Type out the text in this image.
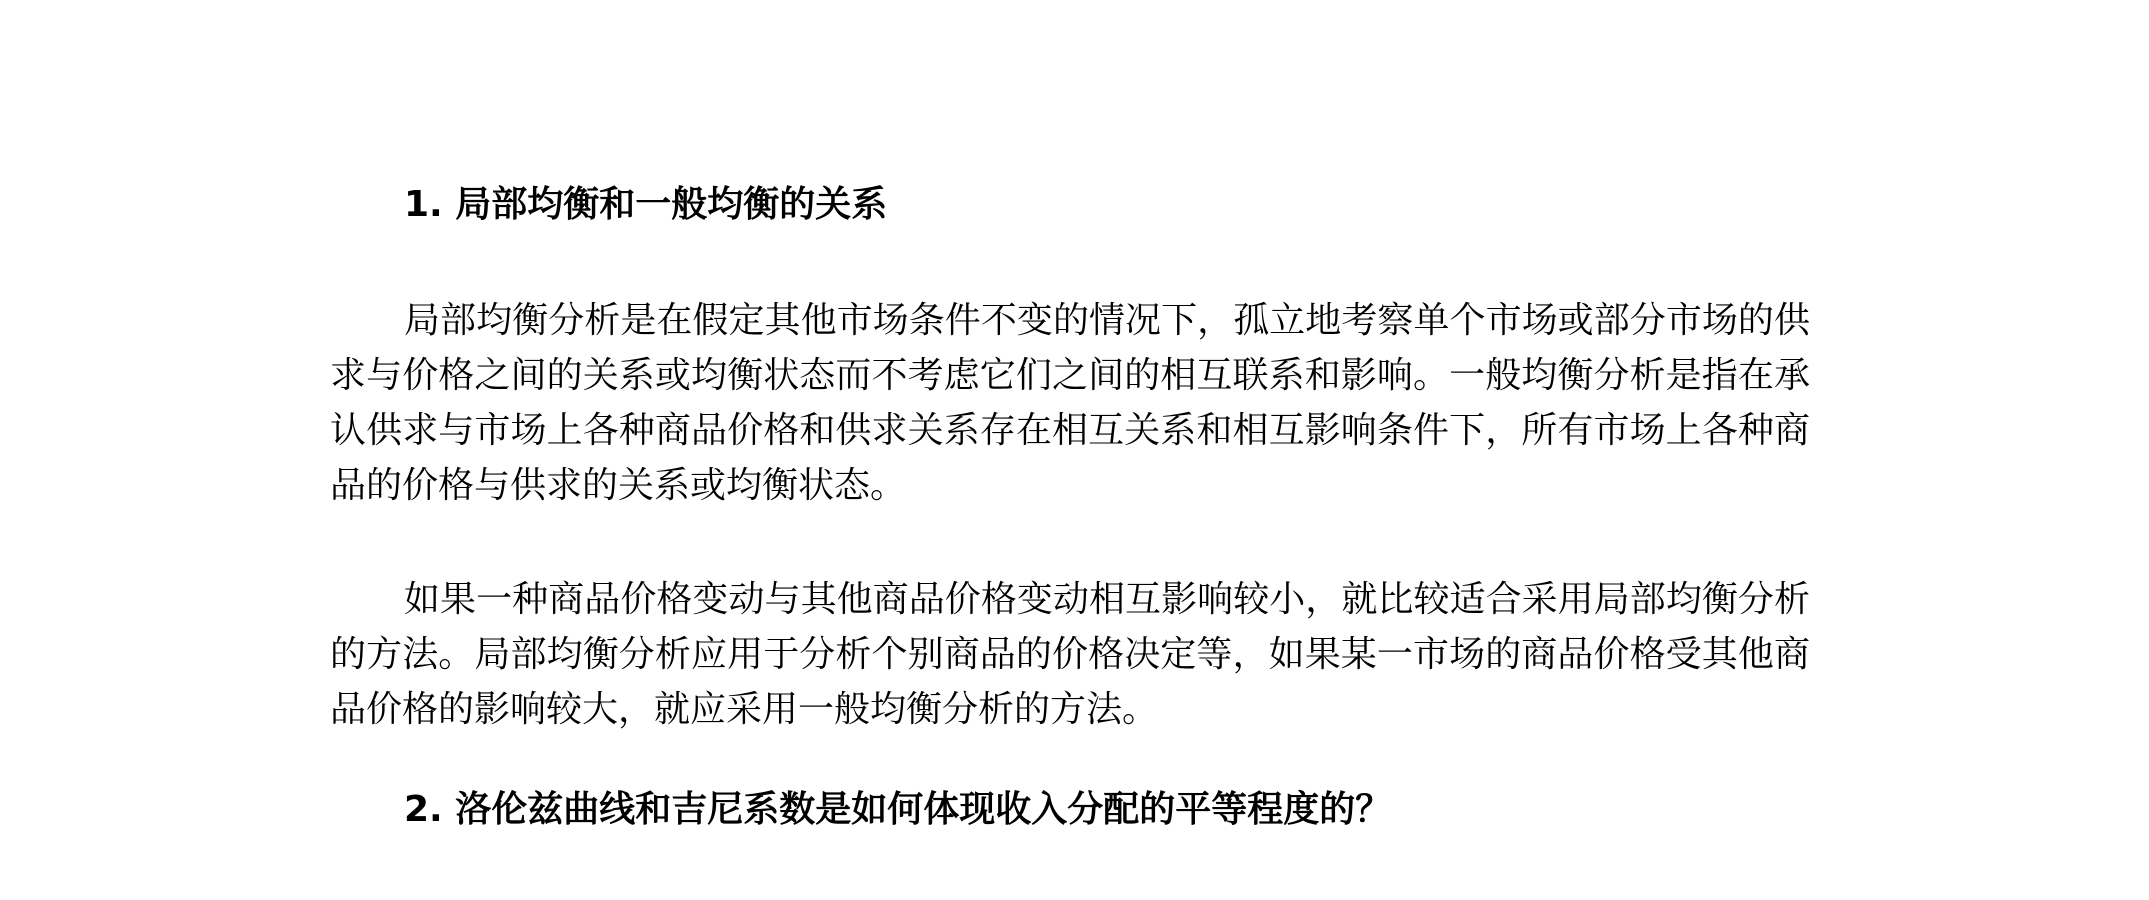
1. 局部均衡和一般均衡的关系

局部均衡分析是在假定其他市场条件不变的情况下，孤立地考察单个市场或部分市场的供求与价格之间的关系或均衡状态而不考虑它们之间的相互联系和影响。一般均衡分析是指在承认供求与市场上各种商品价格和供求关系存在相互关系和相互影响条件下，所有市场上各种商品的价格与供求的关系或均衡状态。

如果一种商品价格变动与其他商品价格变动相互影响较小，就比较适合采用局部均衡分析的方法。局部均衡分析应用于分析个别商品的价格决定等，如果某一市场的商品价格受其他商品价格的影响较大，就应采用一般均衡分析的方法。

2. 洛伦兹曲线和吉尼系数是如何体现收入分配的平等程度的？
